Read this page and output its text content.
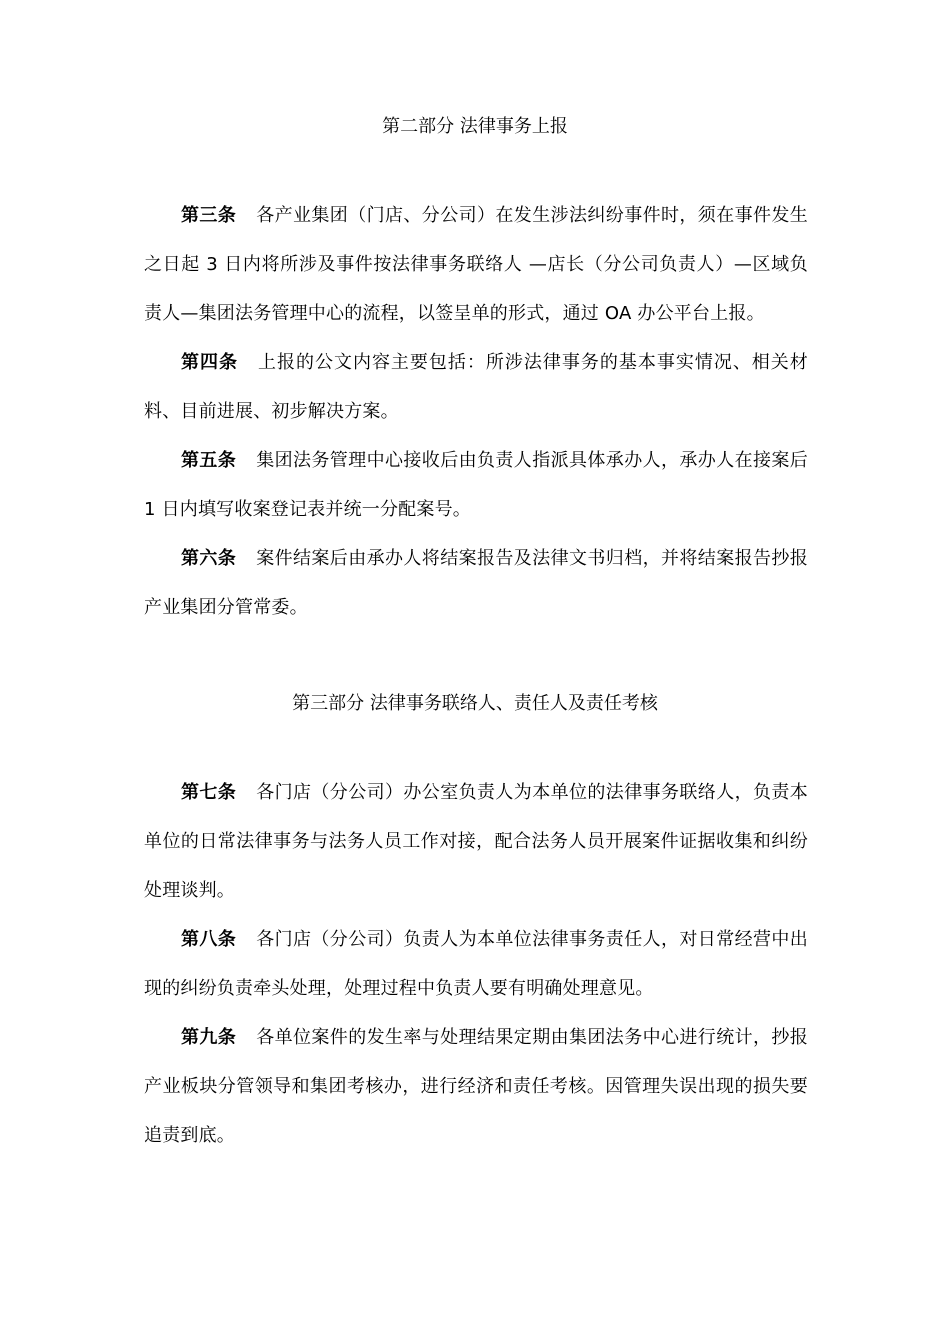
第二部分 法律事务上报
第三条 各产业集团（门店、分公司）在发生涉法纠纷事件时，须在事件发生之日起 3 日内将所涉及事件按法律事务联络人 —店长（分公司负责人）—区域负责人—集团法务管理中心的流程，以签呈单的形式，通过 OA 办公平台上报。
第四条 上报的公文内容主要包括：所涉法律事务的基本事实情况、相关材料、目前进展、初步解决方案。
第五条 集团法务管理中心接收后由负责人指派具体承办人，承办人在接案后 1 日内填写收案登记表并统一分配案号。
第六条 案件结案后由承办人将结案报告及法律文书归档，并将结案报告抄报产业集团分管常委。
第三部分 法律事务联络人、责任人及责任考核
第七条 各门店（分公司）办公室负责人为本单位的法律事务联络人，负责本单位的日常法律事务与法务人员工作对接，配合法务人员开展案件证据收集和纠纷处理谈判。
第八条 各门店（分公司）负责人为本单位法律事务责任人，对日常经营中出现的纠纷负责牵头处理，处理过程中负责人要有明确处理意见。
第九条 各单位案件的发生率与处理结果定期由集团法务中心进行统计，抄报产业板块分管领导和集团考核办，进行经济和责任考核。因管理失误出现的损失要追责到底。
